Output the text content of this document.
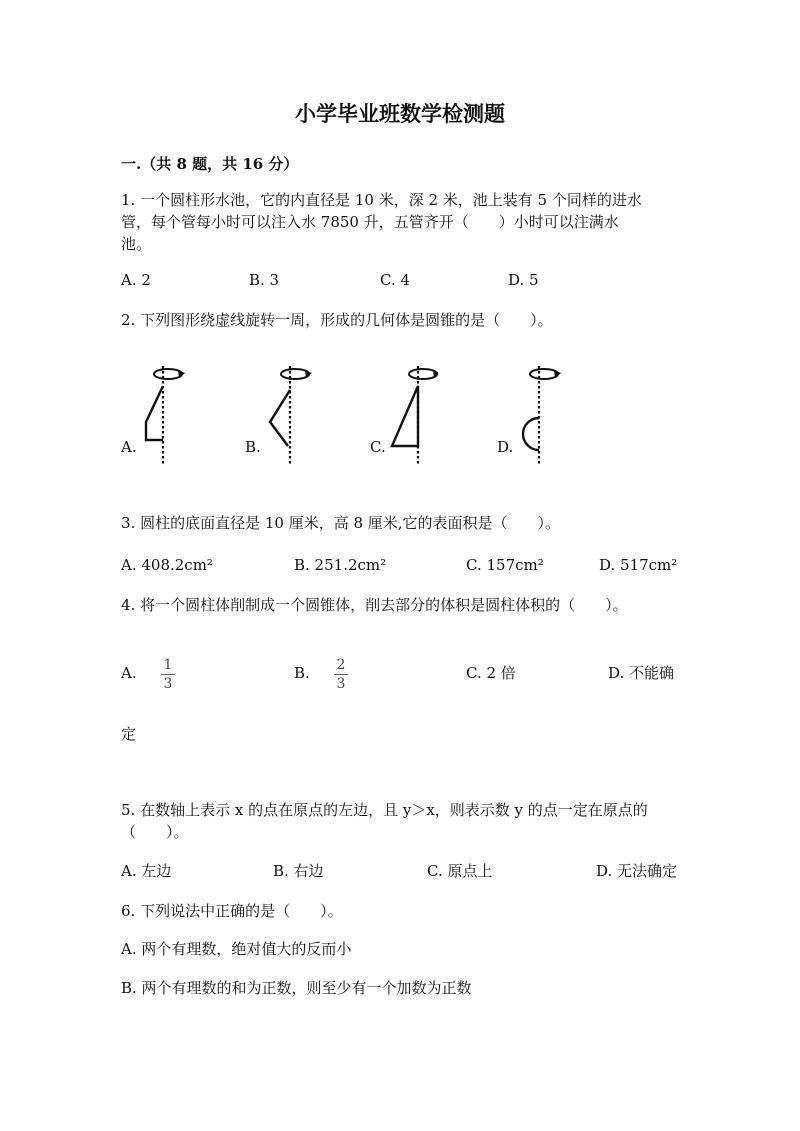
小学毕业班数学检测题
一.（共 8 题，共 16 分）
1. 一个圆柱形水池，它的内直径是 10 米，深 2 米，池上装有 5 个同样的进水
管，每个管每小时可以注入水 7850 升，五管齐开（　　）小时可以注满水
池。
A. 2	B. 3	C. 4	D. 5
2. 下列图形绕虚线旋转一周，形成的几何体是圆锥的是（　　）。
A.	B.	C.	D.
3. 圆柱的底面直径是 10 厘米，高 8 厘米,它的表面积是（　　）。
A. 408.2cm²	B. 251.2cm²	C. 157cm²	D. 517cm²
4. 将一个圆柱体削制成一个圆锥体，削去部分的体积是圆柱体积的（　　）。
A. 1
3
B. 2
3
C. 2 倍	D. 不能确
定
5. 在数轴上表示 x 的点在原点的左边，且 y＞x，则表示数 y 的点一定在原点的
（　　）。
A. 左边	B. 右边	C. 原点上	D. 无法确定
6. 下列说法中正确的是（　　）。
A. 两个有理数，绝对值大的反而小
B. 两个有理数的和为正数，则至少有一个加数为正数
